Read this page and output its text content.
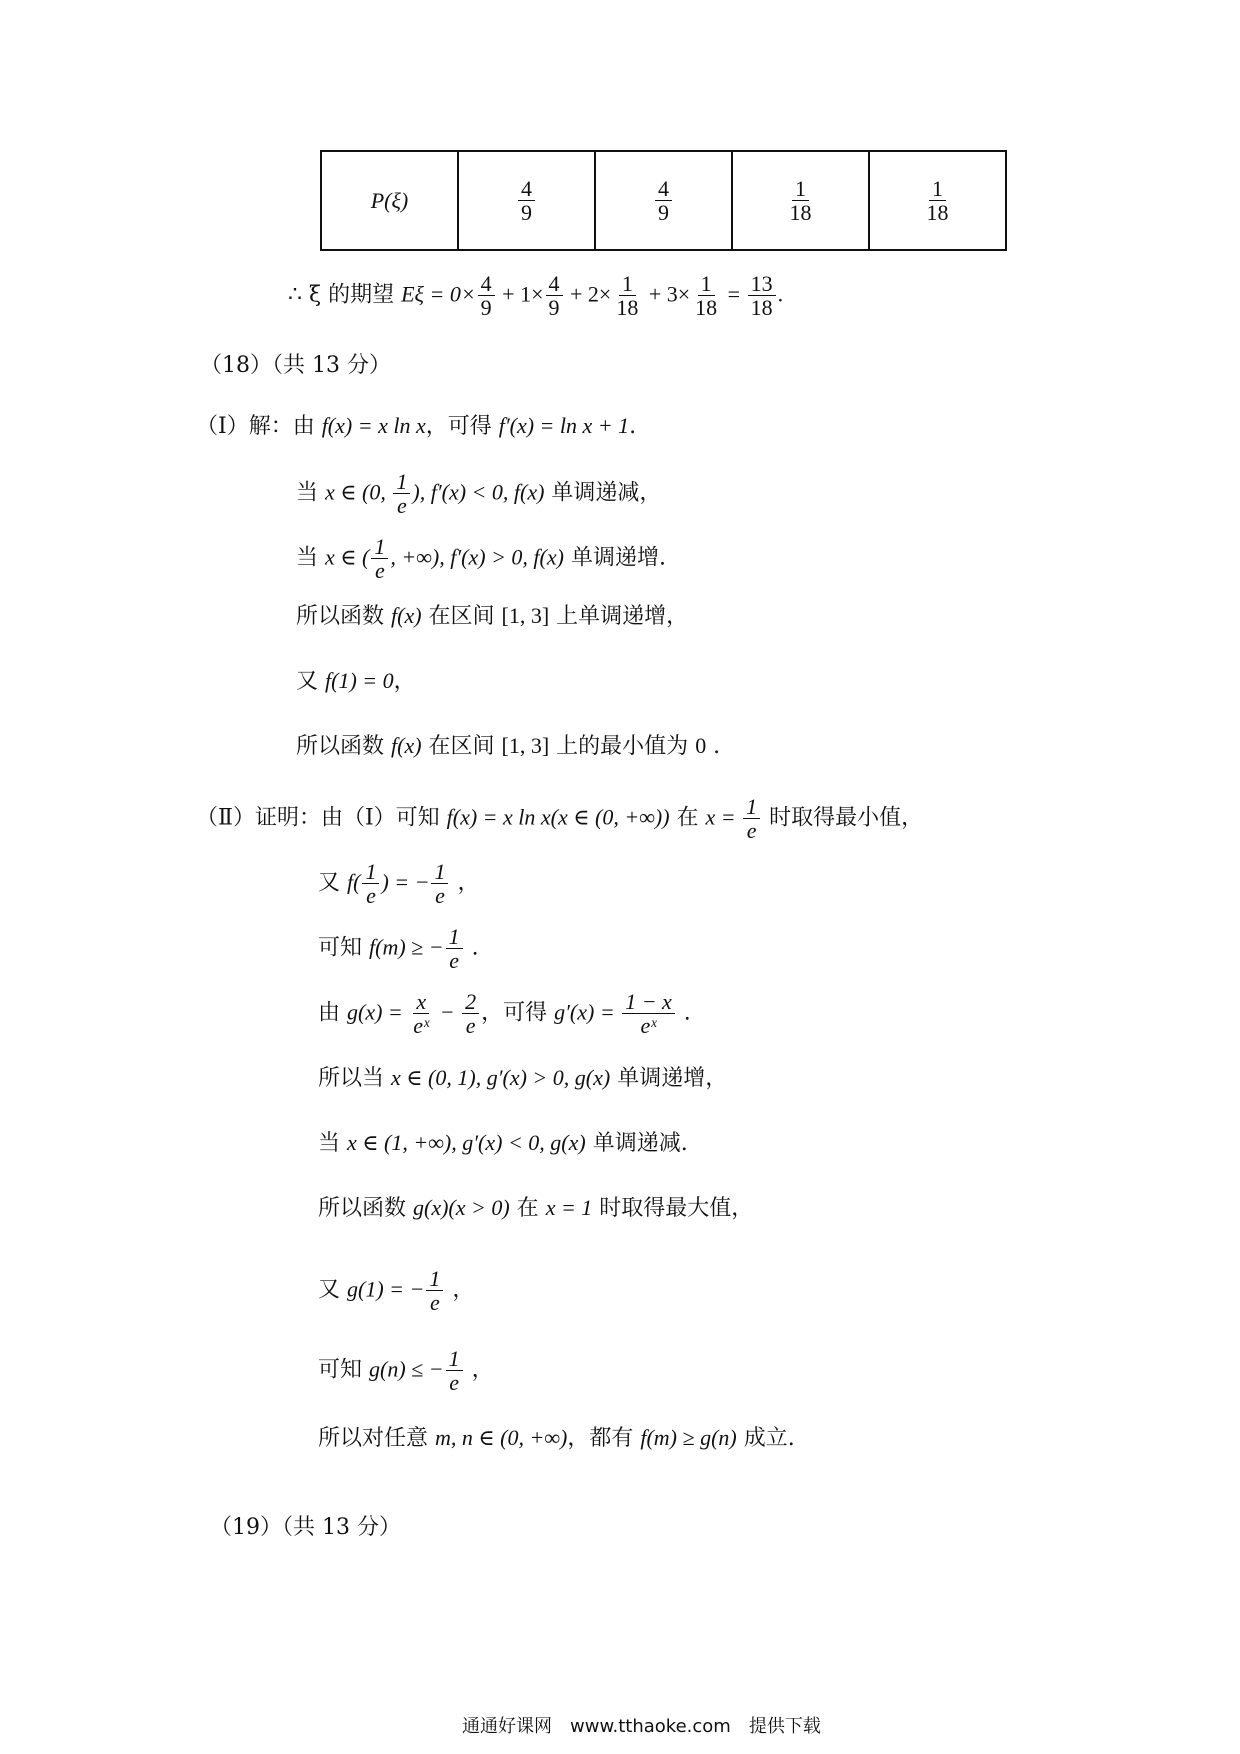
P(ξ)	$\frac{4}{9}$	$\frac{4}{9}$	$\frac{1}{18}$	$\frac{1}{18}$
∴ ξ 的期望 $E\xi = 0\times \frac{4}{9} + 1\times \frac{4}{9} + 2\times \frac{1}{18} + 3\times \frac{1}{18} = \frac{13}{18}$ .
（18）（共 13 分）
（Ⅰ）解：由 f(x) = x ln x，可得 f′(x) = ln x + 1.
当 x ∈ (0, $\frac{1}{e}$ ), f′(x) < 0, f(x) 单调递减，
当 x ∈ ( $\frac{1}{e}$ , +∞), f′(x) > 0, f(x) 单调递增.
所以函数 f(x) 在区间 [1, 3] 上单调递增，
又 f(1) = 0，
所以函数 f(x) 在区间 [1, 3] 上的最小值为 0 .
（Ⅱ）证明：由（Ⅰ）可知 f(x) = x ln x(x ∈ (0, +∞)) 在 $x = \frac{1}{e}$ 时取得最小值，
又 $f( \frac{1}{e}$ ) = − $\frac{1}{e}$ ，
可知 f(m) ≥ − $\frac{1}{e}$ .
由 $g(x) = \frac{x}{\text{eˣ}} - \frac{2}{e}$ ，可得 $g'(x) = \frac{1 - x}{\text{eˣ}}$ .
所以当 x ∈ (0, 1), g′(x) > 0, g(x) 单调递增，
当 x ∈ (1, +∞), g′(x) < 0, g(x) 单调递减.
所以函数 g(x)(x > 0) 在 x = 1 时取得最大值，
又 g(1) = − $\frac{1}{e}$ ，
可知 g(n) ≤ − $\frac{1}{e}$ ，
所以对任意 m, n ∈ (0, +∞)，都有 f(m) ≥ g(n) 成立.
（19）（共 13 分）
通通好课网　www.tthaoke.com　提供下载
